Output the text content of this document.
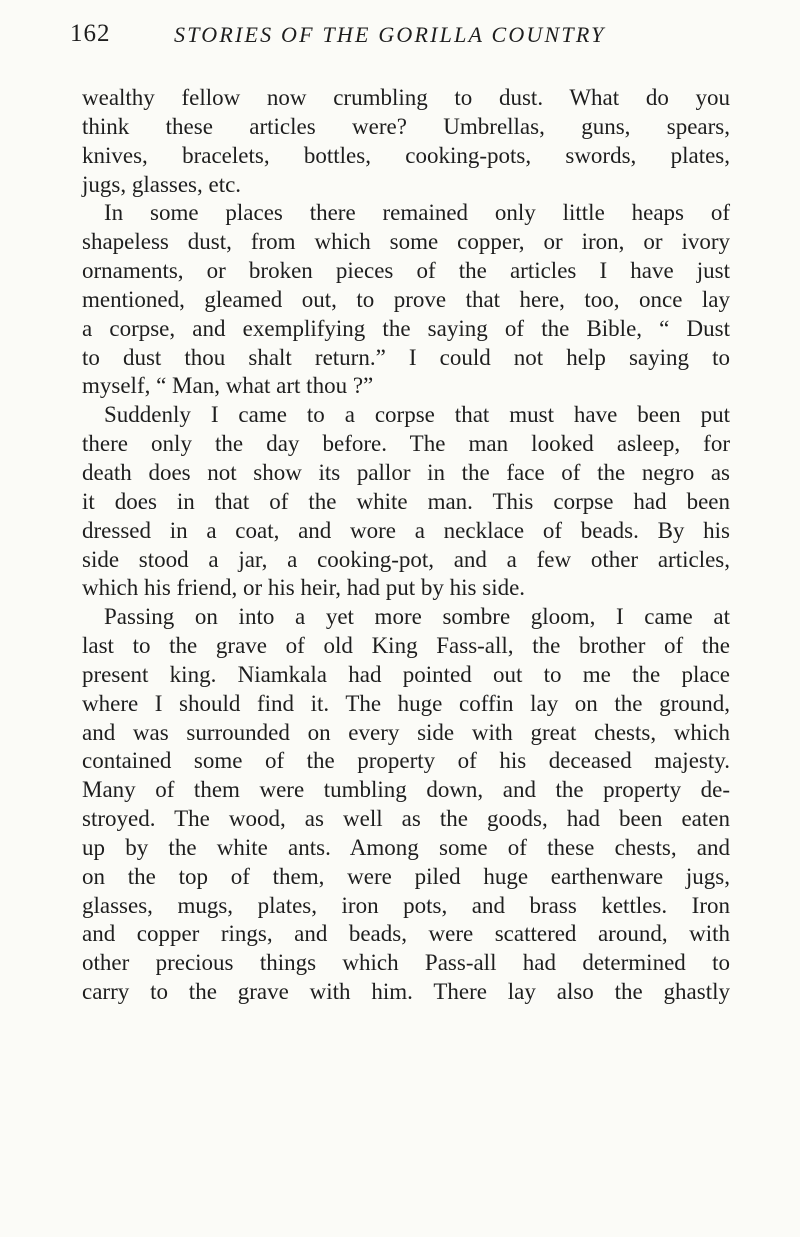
162	STORIES OF THE GORILLA COUNTRY
wealthy fellow now crumbling to dust. What do you
think these articles were? Umbrellas, guns, spears,
knives, bracelets, bottles, cooking-pots, swords, plates,
jugs, glasses, etc.
In some places there remained only little heaps of
shapeless dust, from which some copper, or iron, or ivory
ornaments, or broken pieces of the articles I have just
mentioned, gleamed out, to prove that here, too, once lay
a corpse, and exemplifying the saying of the Bible, “ Dust
to dust thou shalt return.” I could not help saying to
myself, “ Man, what art thou ?”
Suddenly I came to a corpse that must have been put
there only the day before. The man looked asleep, for
death does not show its pallor in the face of the negro as
it does in that of the white man. This corpse had been
dressed in a coat, and wore a necklace of beads. By his
side stood a jar, a cooking-pot, and a few other articles,
which his friend, or his heir, had put by his side.
Passing on into a yet more sombre gloom, I came at
last to the grave of old King Fass-all, the brother of the
present king. Niamkala had pointed out to me the place
where I should find it. The huge coffin lay on the ground,
and was surrounded on every side with great chests, which
contained some of the property of his deceased majesty.
Many of them were tumbling down, and the property de-
stroyed. The wood, as well as the goods, had been eaten
up by the white ants. Among some of these chests, and
on the top of them, were piled huge earthenware jugs,
glasses, mugs, plates, iron pots, and brass kettles. Iron
and copper rings, and beads, were scattered around, with
other precious things which Pass-all had determined to
carry to the grave with him. There lay also the ghastly
